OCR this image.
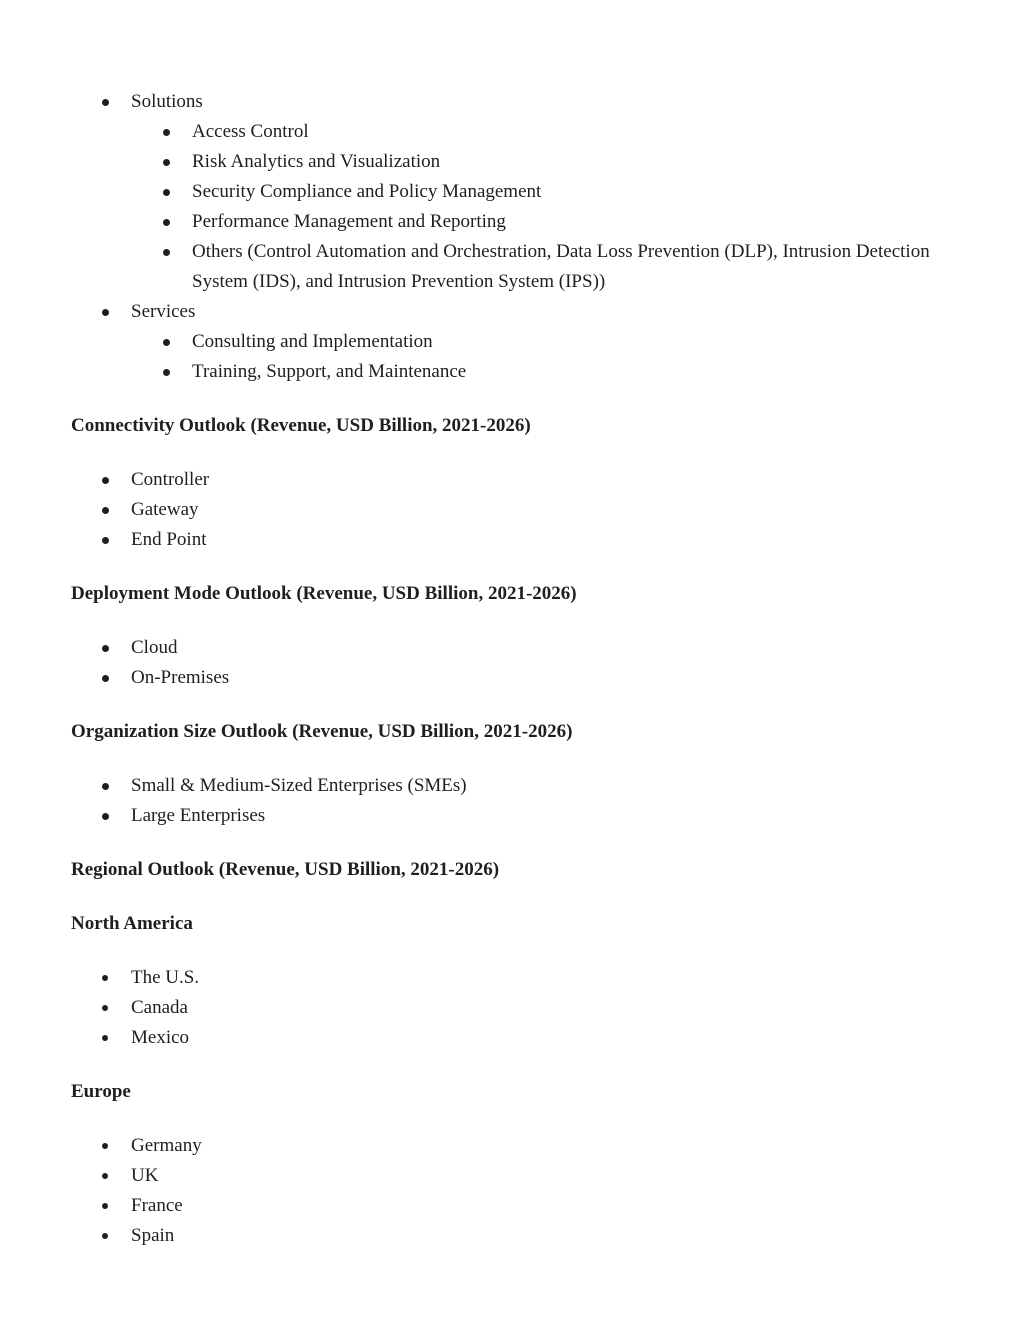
Solutions
Access Control
Risk Analytics and Visualization
Security Compliance and Policy Management
Performance Management and Reporting
Others (Control Automation and Orchestration, Data Loss Prevention (DLP), Intrusion Detection System (IDS), and Intrusion Prevention System (IPS))
Services
Consulting and Implementation
Training, Support, and Maintenance
Connectivity Outlook (Revenue, USD Billion, 2021-2026)
Controller
Gateway
End Point
Deployment Mode Outlook (Revenue, USD Billion, 2021-2026)
Cloud
On-Premises
Organization Size Outlook (Revenue, USD Billion, 2021-2026)
Small & Medium-Sized Enterprises (SMEs)
Large Enterprises
Regional Outlook (Revenue, USD Billion, 2021-2026)
North America
The U.S.
Canada
Mexico
Europe
Germany
UK
France
Spain
